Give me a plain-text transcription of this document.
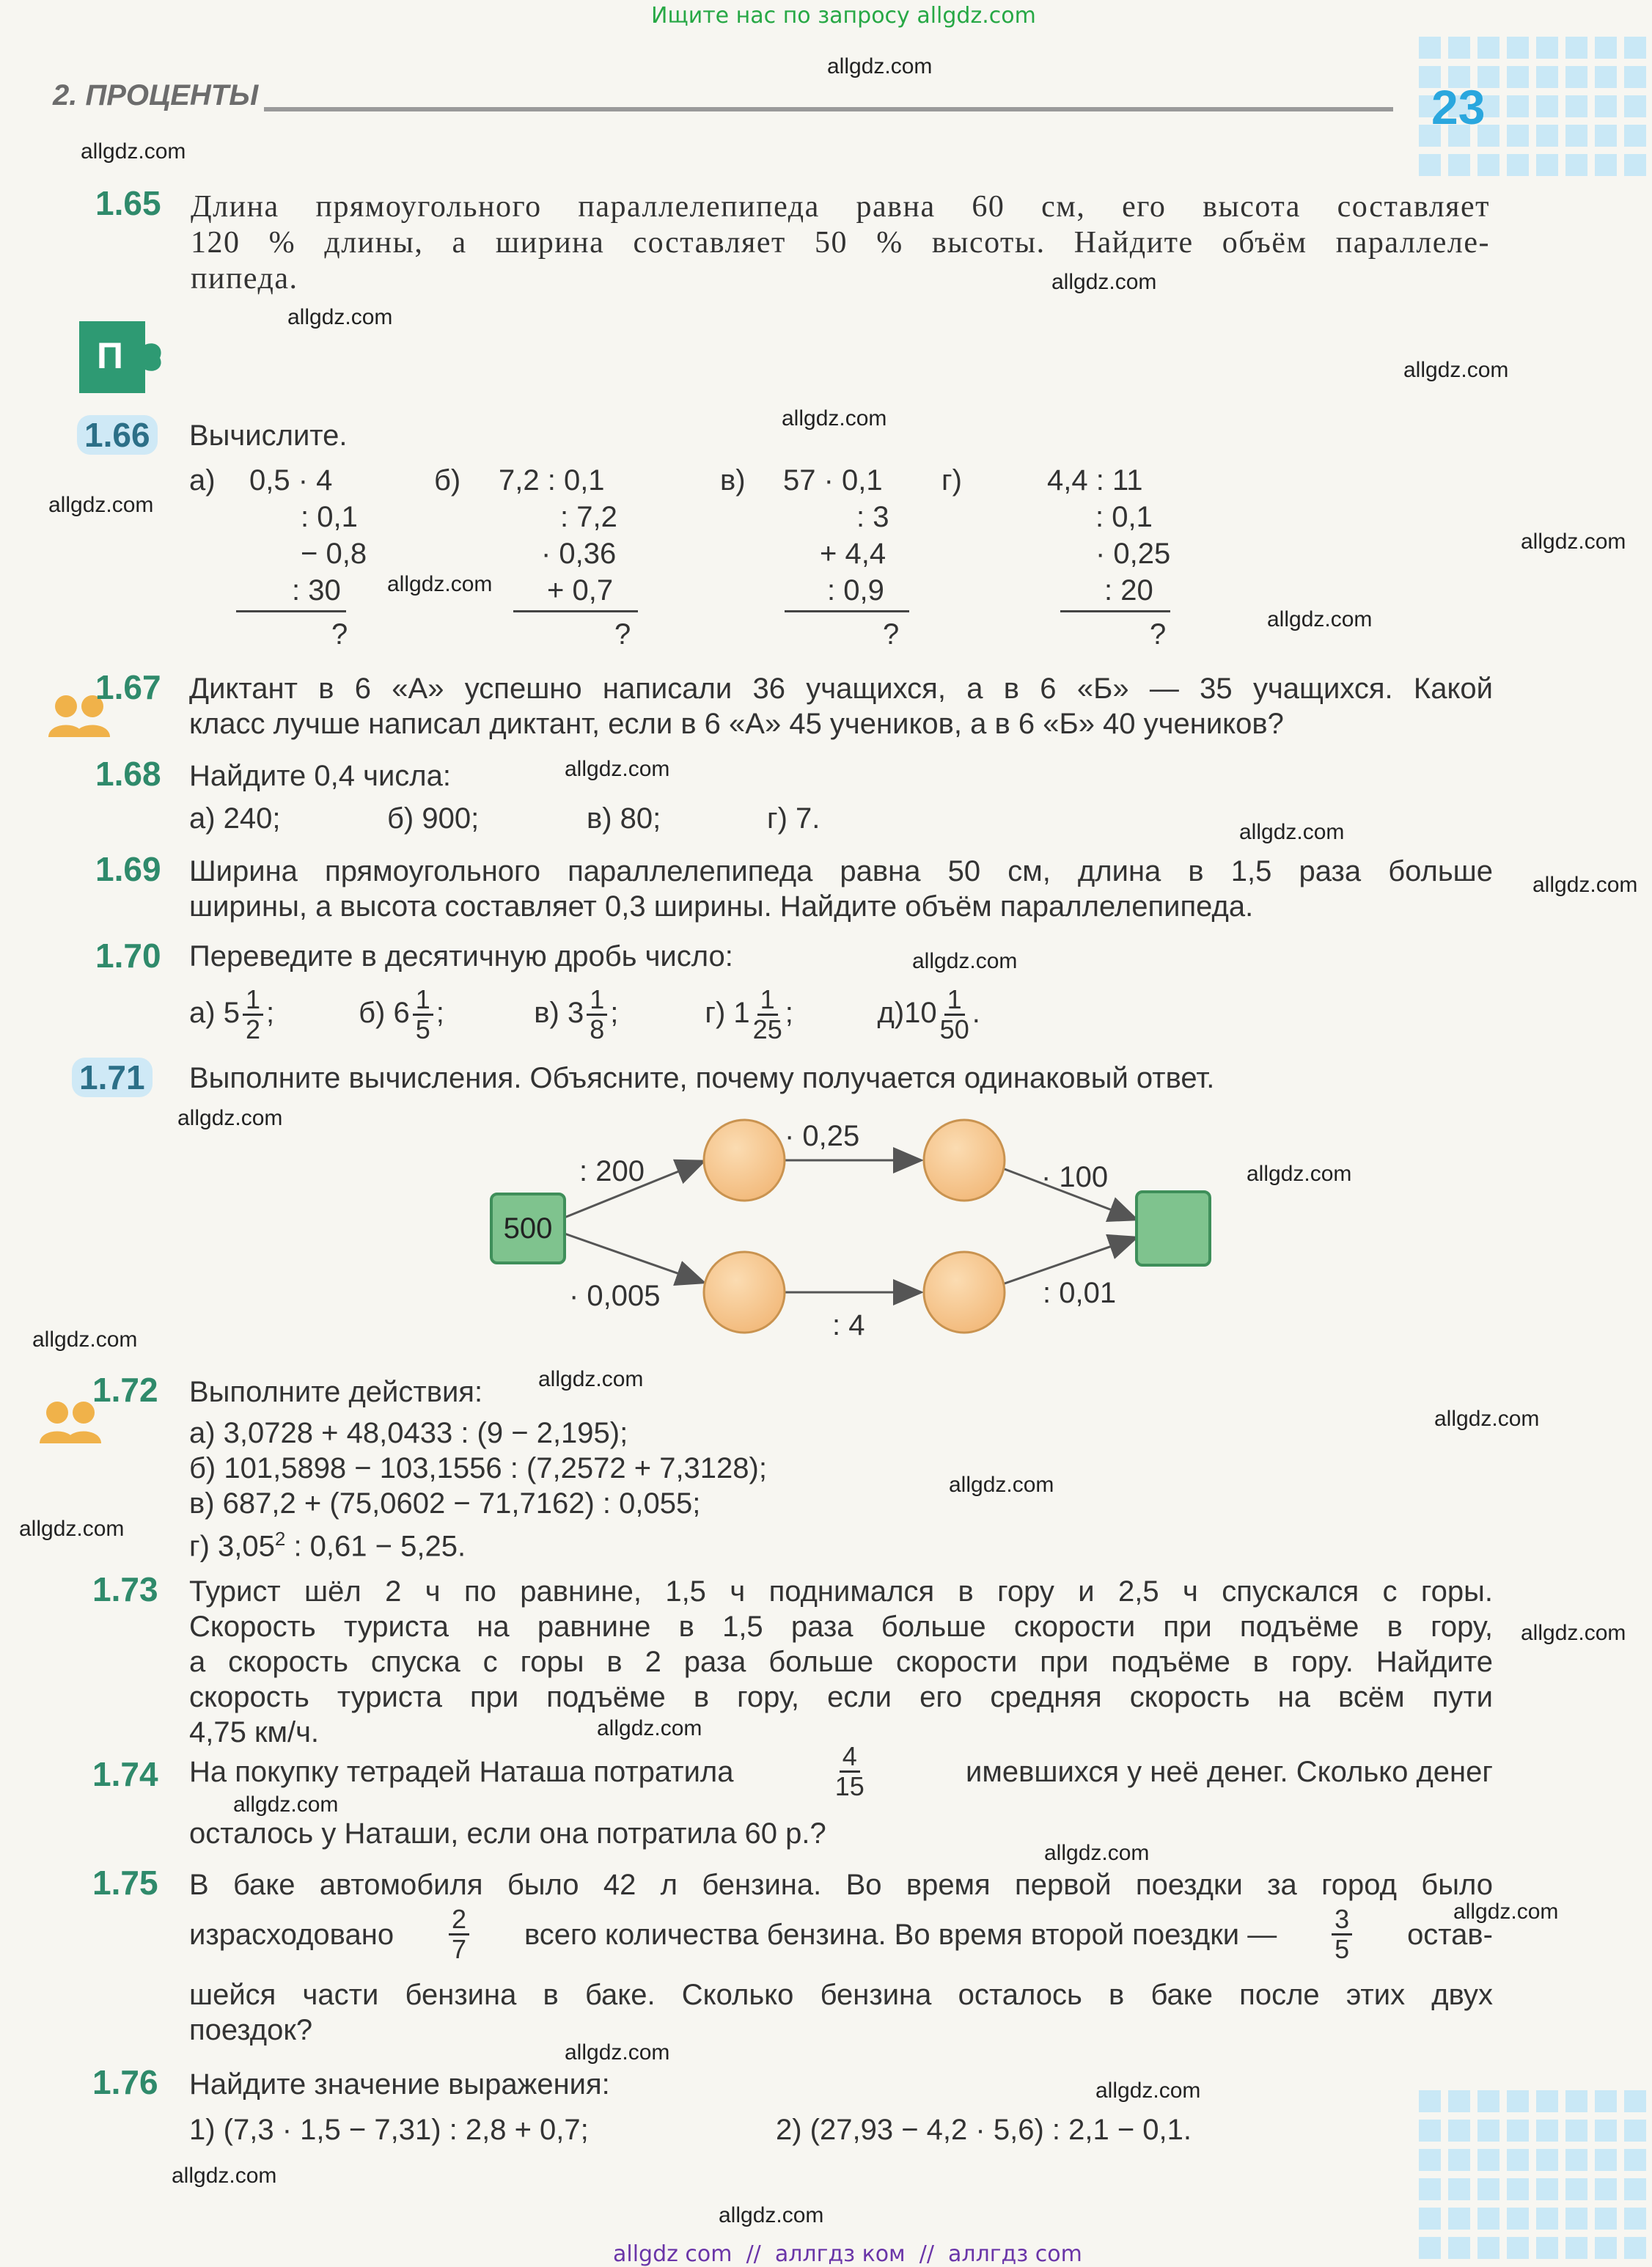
Ищите нас по запросу allgdz.com
2. ПРОЦЕНТЫ	23
1.65 Длина прямоугольного параллелепипеда равна 60 см, его высота составляет
120 % длины, а ширина составляет 50 % высоты. Найдите объём параллеле-
пипеда.
П
1.66 Вычислите.
а) 0,5 · 4
: 0,1
− 0,8
: 30
?
б) 7,2 : 0,1
: 7,2
· 0,36
+ 0,7
?
в) 57 · 0,1
: 3
+ 4,4
: 0,9
?
г)	4,4 : 11
: 0,1
· 0,25
: 20
?
1.67 Диктант в 6 «А» успешно написали 36 учащихся, а в 6 «Б» — 35 учащихся. Какой
класс лучше написал диктант, если в 6 «А» 45 учеников, а в 6 «Б» 40 учеников?
1.68 Найдите 0,4 числа:
а) 240;	б) 900;	в) 80;	г) 7.
1.69 Ширина прямоугольного параллелепипеда равна 50 см, длина в 1,5 раза больше
ширины, а высота составляет 0,3 ширины. Найдите объём параллелепипеда.
1.70 Переведите в десятичную дробь число:
а) $5 \frac{1}{2}$ ;	б) $6 \frac{1}{5}$ ;	в) $3 \frac{1}{8}$ ;	г) $1 \frac{1}{25}$ ;	$д)10 \frac{1}{50}$ .
1.71 Выполните вычисления. Объясните, почему получается одинаковый ответ.
500
: 200
· 0,25
· 100
· 0,005
: 4
: 0,01
1.72 Выполните действия:
а) 3,0728 + 48,0433 : (9 − 2,195);
б) 101,5898 − 103,1556 : (7,2572 + 7,3128);
в) 687,2 + (75,0602 − 71,7162) : 0,055;
г) 3,05$^2$ : 0,61 − 5,25.
1.73 Турист шёл 2 ч по равнине, 1,5 ч поднимался в гору и 2,5 ч спускался с горы.
Скорость туриста на равнине в 1,5 раза больше скорости при подъёме в гору,
а скорость спуска с горы в 2 раза больше скорости при подъёме в гору. Найдите
скорость туриста при подъёме в гору, если его средняя скорость на всём пути
4,75 км/ч.
1.74 На покупку тетрадей Наташа потратила	$\frac{4}{15}$	имевшихся у неё денег. Сколько денег
осталось у Наташи, если она потратила 60 р.?
1.75 В баке автомобиля было 42 л бензина. Во время первой поездки за город было
израсходовано $\frac{2}{7}$ всего количества бензина. Во время второй поездки — $\frac{3}{5}$ остав-
шейся части бензина в баке. Сколько бензина осталось в баке после этих двух
поездок?
1.76 Найдите значение выражения:
1) (7,3 · 1,5 − 7,31) : 2,8 + 0,7;	2) (27,93 − 4,2 · 5,6) : 2,1 − 0,1.
allgdz.com
allgdz.com
allgdz.com
allgdz.com
allgdz.com
allgdz.com
allgdz.com
allgdz.com
allgdz.com
allgdz.com
allgdz.com
allgdz.com
allgdz.com
allgdz.com
allgdz.com
allgdz.com
allgdz.com
allgdz.com
allgdz.com
allgdz.com
allgdz.com
allgdz.com
allgdz.com
allgdz.com
allgdz.com
allgdz.com
allgdz.com
allgdz.com
allgdz.com
allgdz.com
allgdz com  //  аллгдз ком  //  аллгдз com
